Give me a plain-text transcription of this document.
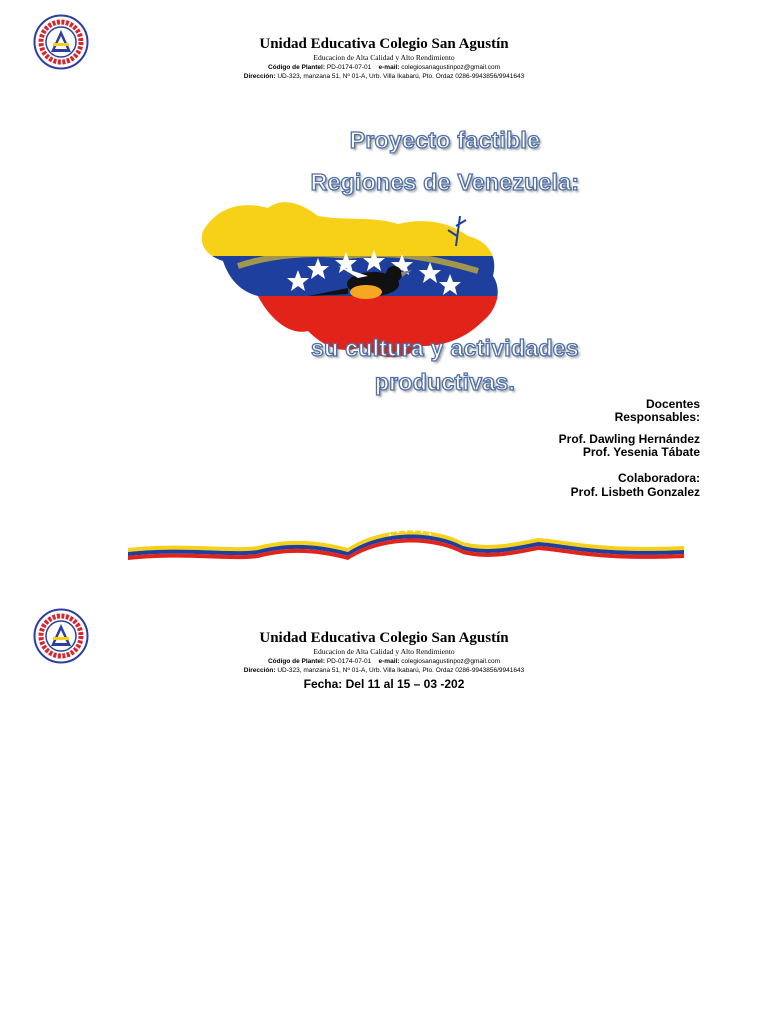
Unidad Educativa Colegio San Agustín
Educacion de Alta Calidad y Alto Rendimiento
Código de Plantel: PD-0174-07-01 e-mail: colegiosanagustinpoz@gmail.com
Dirección: UD-323, manzana 51, Nº 01-A, Urb. Villa Ikabarú, Pto. Ordaz 0286-9943856/9941643
Proyecto factible
Regiones de Venezuela:
su cultura y actividades
productivas.
Docentes
Responsables:
Prof. Dawling Hernández
Prof. Yesenia Tábate
Colaboradora:
Prof. Lisbeth Gonzalez
Unidad Educativa Colegio San Agustín
Educacion de Alta Calidad y Alto Rendimiento
Código de Plantel: PD-0174-07-01 e-mail: colegiosanagustinpoz@gmail.com
Dirección: UD-323, manzana 51, Nº 01-A, Urb. Villa Ikabarú, Pto. Ordaz 0286-9943856/9941643
Fecha: Del 11 al 15 – 03 -202
